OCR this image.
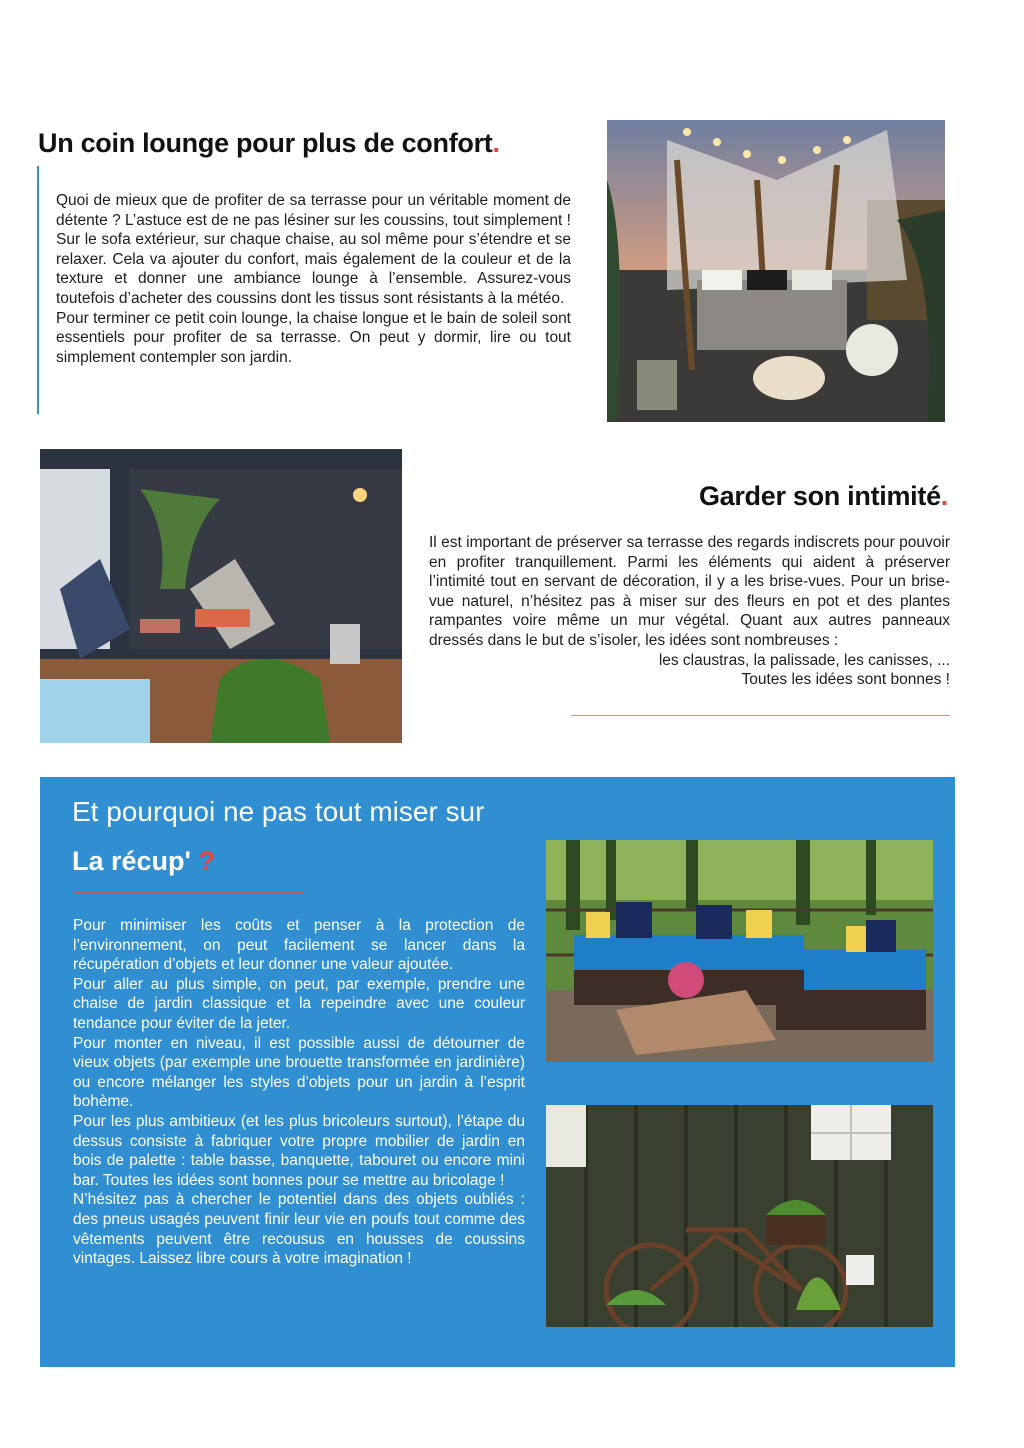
Un coin lounge pour plus de confort.

Quoi de mieux que de profiter de sa terrasse pour un véritable moment de détente ? L’astuce est de ne pas lésiner sur les coussins, tout simplement ! Sur le sofa extérieur, sur chaque chaise, au sol même pour s’étendre et se relaxer. Cela va ajouter du confort, mais également de la couleur et de la texture et donner une ambiance lounge à l’ensemble. Assurez-vous toutefois d’acheter des coussins dont les tissus sont résistants à la météo.

Pour terminer ce petit coin lounge, la chaise longue et le bain de soleil sont essentiels pour profiter de sa terrasse. On peut y dormir, lire ou tout simplement contempler son jardin.

Garder son intimité.

Il est important de préserver sa terrasse des regards indiscrets pour pouvoir en profiter tranquillement. Parmi les éléments qui aident à préserver l’intimité tout en servant de décoration, il y a les brise-vues. Pour un brise-vue naturel, n’hésitez pas à miser sur des fleurs en pot et des plantes rampantes voire même un mur végétal. Quant aux autres panneaux dressés dans le but de s’isoler, les idées sont nombreuses :

les claustras, la palissade, les canisses, ...

Toutes les idées sont bonnes !

Et pourquoi ne pas tout miser sur
La récup' ?

Pour minimiser les coûts et penser à la protection de l’environnement, on peut facilement se lancer dans la récupération d’objets et leur donner une valeur ajoutée.

Pour aller au plus simple, on peut, par exemple, prendre une chaise de jardin classique et la repeindre avec une couleur tendance pour éviter de la jeter.

Pour monter en niveau, il est possible aussi de détourner de vieux objets (par exemple une brouette transformée en jardinière) ou encore mélanger les styles d’objets pour un jardin à l’esprit bohème.

Pour les plus ambitieux (et les plus bricoleurs surtout), l’étape du dessus consiste à fabriquer votre propre mobilier de jardin en bois de palette : table basse, banquette, tabouret ou encore mini bar. Toutes les idées sont bonnes pour se mettre au bricolage !

N’hésitez pas à chercher le potentiel dans des objets oubliés : des pneus usagés peuvent finir leur vie en poufs tout comme des vêtements peuvent être recousus en housses de coussins vintages. Laissez libre cours à votre imagination !
